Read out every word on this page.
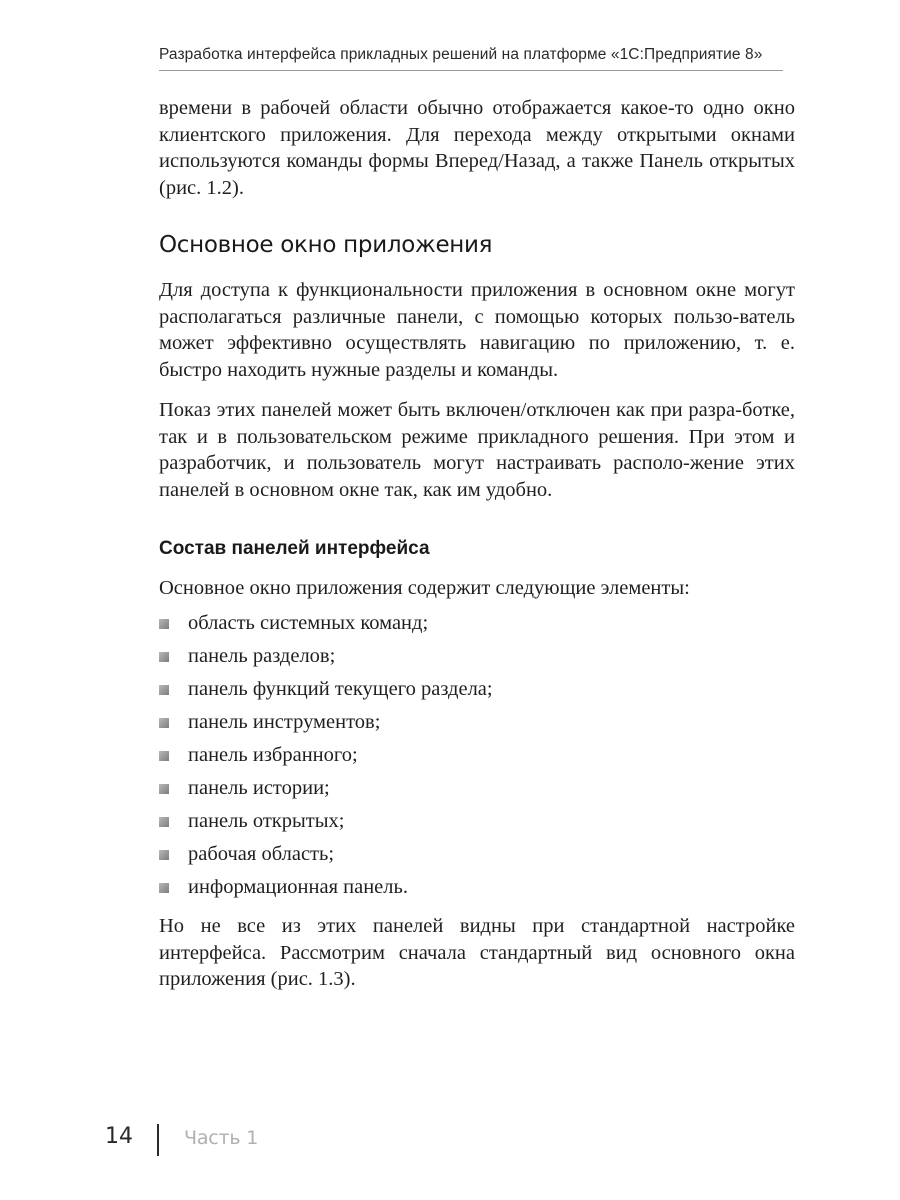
Разработка интерфейса прикладных решений на платформе «1С:Предприятие 8»

времени в рабочей области обычно отображается какое-то одно окно клиентского приложения. Для перехода между открытыми окнами используются команды формы Вперед/Назад, а также Панель открытых (рис. 1.2).

Основное окно приложения

Для доступа к функциональности приложения в основном окне могут располагаться различные панели, с помощью которых пользо-ватель может эффективно осуществлять навигацию по приложению, т. е. быстро находить нужные разделы и команды.

Показ этих панелей может быть включен/отключен как при разра-ботке, так и в пользовательском режиме прикладного решения. При этом и разработчик, и пользователь могут настраивать располо-жение этих панелей в основном окне так, как им удобно.

Состав панелей интерфейса

Основное окно приложения содержит следующие элементы:

область системных команд;
панель разделов;
панель функций текущего раздела;
панель инструментов;
панель избранного;
панель истории;
панель открытых;
рабочая область;
информационная панель.

Но не все из этих панелей видны при стандартной настройке интерфейса. Рассмотрим сначала стандартный вид основного окна приложения (рис. 1.3).

14	Часть 1
